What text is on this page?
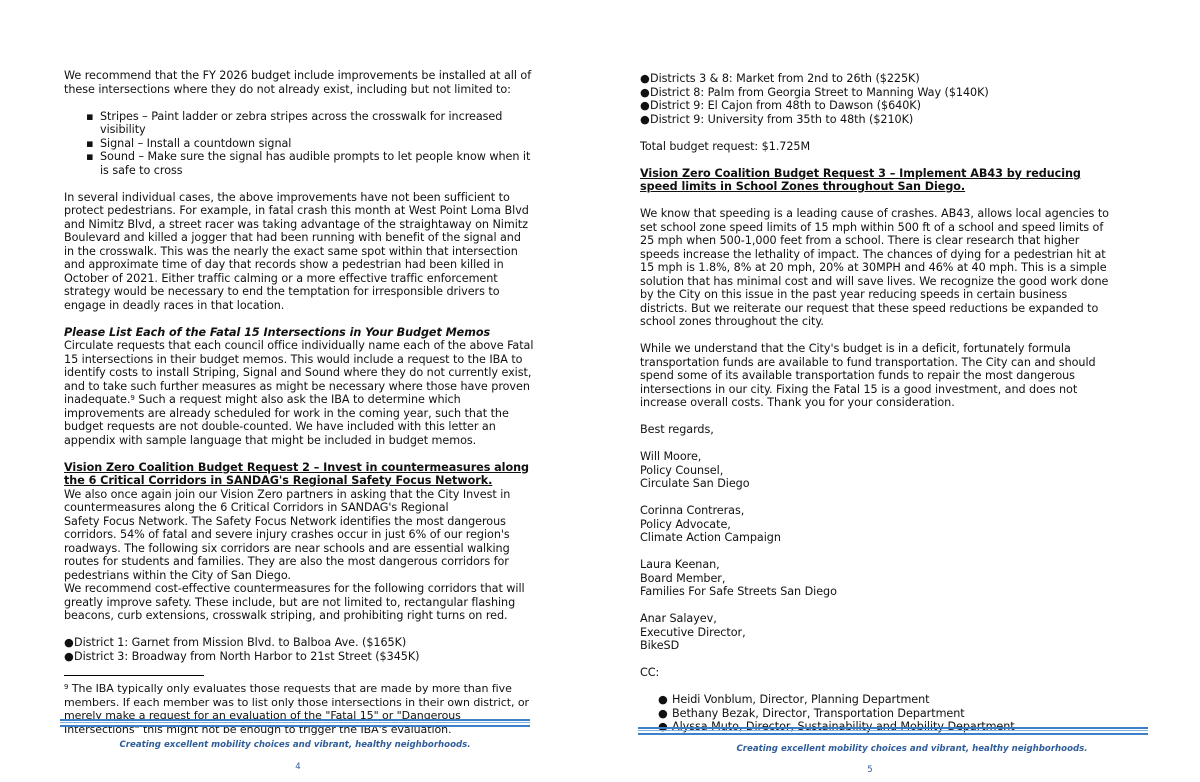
We recommend that the FY 2026 budget include improvements be installed at all of these intersections where they do not already exist, including but not limited to:

▪ Stripes – Paint ladder or zebra stripes across the crosswalk for increased visibility
▪ Signal – Install a countdown signal
▪ Sound – Make sure the signal has audible prompts to let people know when it is safe to cross

In several individual cases, the above improvements have not been sufficient to protect pedestrians. For example, in fatal crash this month at West Point Loma Blvd and Nimitz Blvd, a street racer was taking advantage of the straightaway on Nimitz Boulevard and killed a jogger that had been running with benefit of the signal and in the crosswalk. This was the nearly the exact same spot within that intersection and approximate time of day that records show a pedestrian had been killed in October of 2021. Either traffic calming or a more effective traffic enforcement strategy would be necessary to end the temptation for irresponsible drivers to engage in deadly races in that location.

Please List Each of the Fatal 15 Intersections in Your Budget Memos

Circulate requests that each council office individually name each of the above Fatal 15 intersections in their budget memos. This would include a request to the IBA to identify costs to install Striping, Signal and Sound where they do not currently exist, and to take such further measures as might be necessary where those have proven inadequate.$^9$ Such a request might also ask the IBA to determine which improvements are already scheduled for work in the coming year, such that the budget requests are not double-counted. We have included with this letter an appendix with sample language that might be included in budget memos.

Vision Zero Coalition Budget Request 2 – Invest in countermeasures along the 6 Critical Corridors in SANDAG's Regional Safety Focus Network.

We also once again join our Vision Zero partners in asking that the City Invest in countermeasures along the 6 Critical Corridors in SANDAG's Regional

Safety Focus Network. The Safety Focus Network identifies the most dangerous corridors. 54% of fatal and severe injury crashes occur in just 6% of our region's roadways. The following six corridors are near schools and are essential walking routes for students and families. They are also the most dangerous corridors for pedestrians within the City of San Diego.

We recommend cost-effective countermeasures for the following corridors that will greatly improve safety. These include, but are not limited to, rectangular flashing beacons, curb extensions, crosswalk striping, and prohibiting right turns on red.

● District 1: Garnet from Mission Blvd. to Balboa Ave. ($165K)
● District 3: Broadway from North Harbor to 21st Street ($345K)

$^9$ The IBA typically only evaluates those requests that are made by more than five members. If each member was to list only those intersections in their own district, or merely make a request for an evaluation of the "Fatal 15" or "Dangerous Intersections" this might not be enough to trigger the IBA's evaluation.

Creating excellent mobility choices and vibrant, healthy neighborhoods.
4
● Districts 3 & 8: Market from 2nd to 26th ($225K)
● District 8: Palm from Georgia Street to Manning Way ($140K)
● District 9: El Cajon from 48th to Dawson ($640K)
● District 9: University from 35th to 48th ($210K)

Total budget request: $1.725M

Vision Zero Coalition Budget Request 3 – Implement AB43 by reducing speed limits in School Zones throughout San Diego.

We know that speeding is a leading cause of crashes. AB43, allows local agencies to set school zone speed limits of 15 mph within 500 ft of a school and speed limits of 25 mph when 500-1,000 feet from a school. There is clear research that higher speeds increase the lethality of impact. The chances of dying for a pedestrian hit at 15 mph is 1.8%, 8% at 20 mph, 20% at 30MPH and 46% at 40 mph. This is a simple solution that has minimal cost and will save lives. We recognize the good work done by the City on this issue in the past year reducing speeds in certain business districts. But we reiterate our request that these speed reductions be expanded to school zones throughout the city.

While we understand that the City's budget is in a deficit, fortunately formula transportation funds are available to fund transportation. The City can and should spend some of its available transportation funds to repair the most dangerous intersections in our city. Fixing the Fatal 15 is a good investment, and does not increase overall costs. Thank you for your consideration.

Best regards,

Will Moore,

Policy Counsel,

Circulate San Diego

Corinna Contreras,

Policy Advocate,

Climate Action Campaign

Laura Keenan,

Board Member,

Families For Safe Streets San Diego

Anar Salayev,

Executive Director,

BikeSD

CC:

● Heidi Vonblum, Director, Planning Department
● Bethany Bezak, Director, Transportation Department
● Alyssa Muto, Director, Sustainability and Mobility Department
Creating excellent mobility choices and vibrant, healthy neighborhoods.
5
